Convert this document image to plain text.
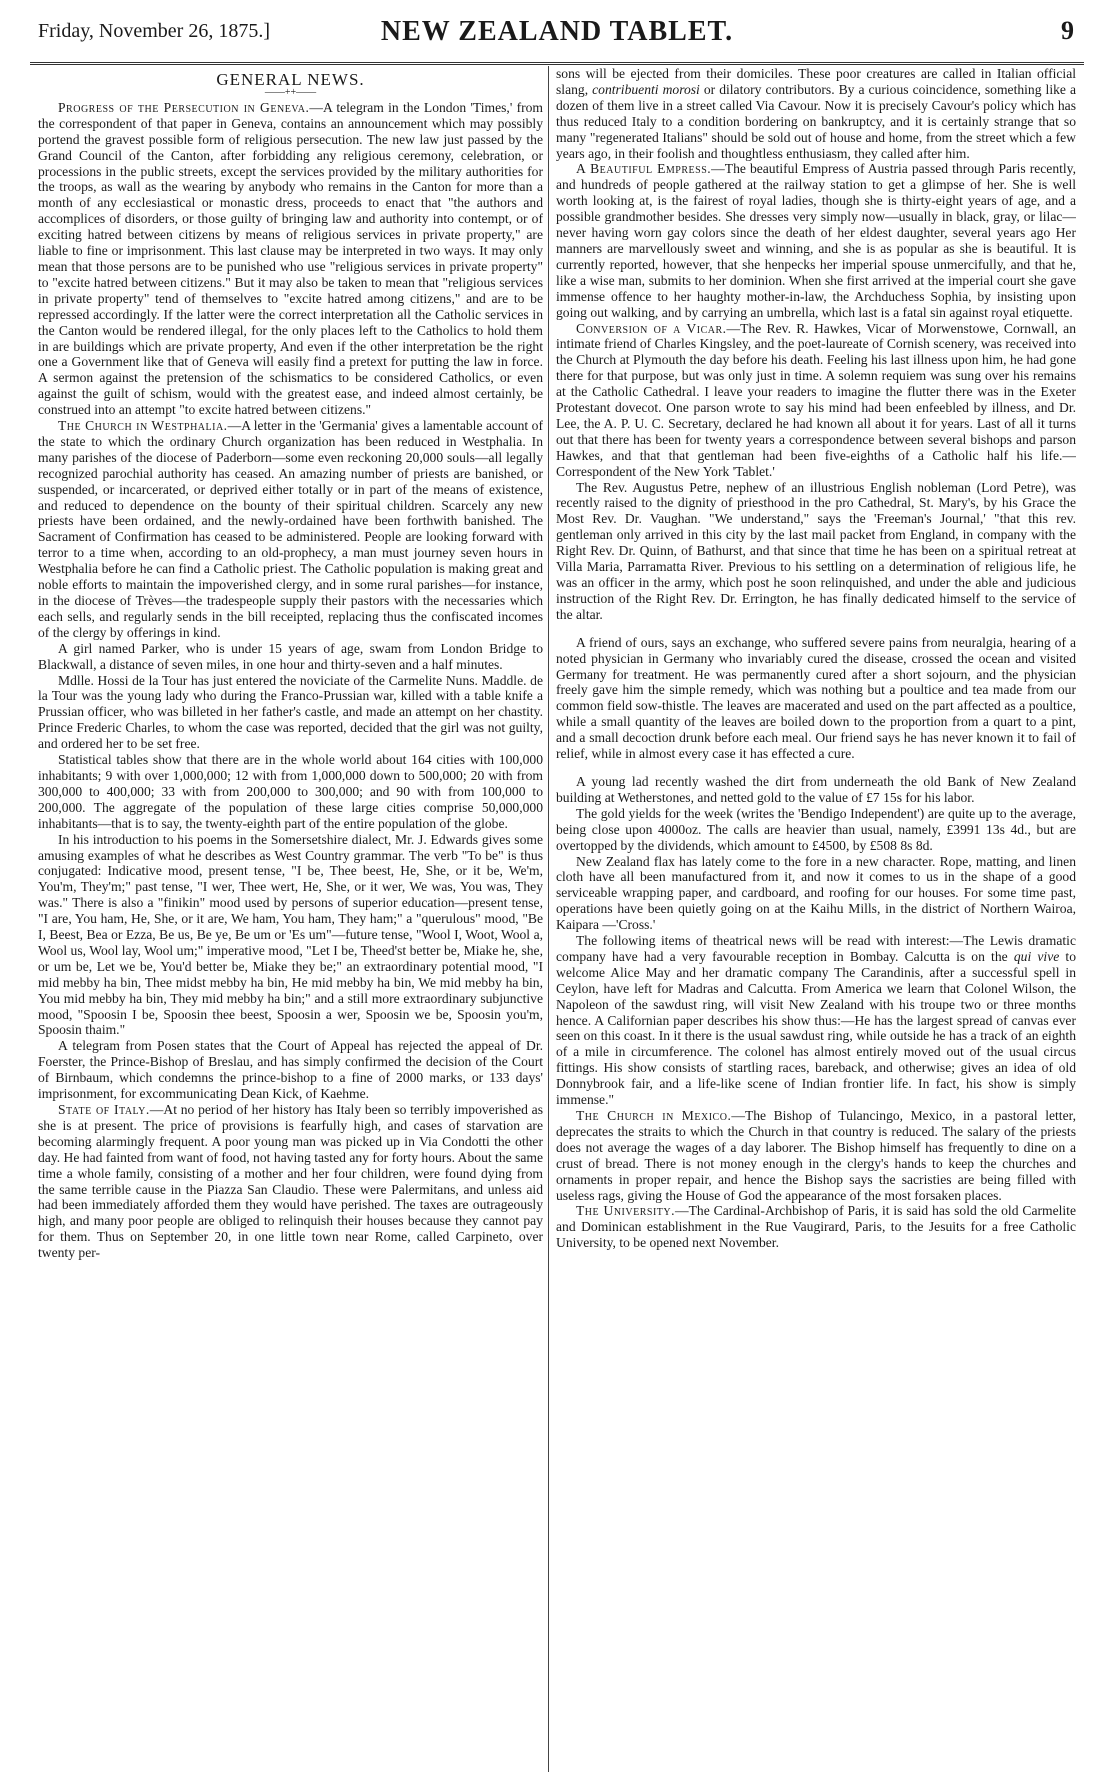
Friday, November 26, 1875.]	NEW ZEALAND TABLET.	9
GENERAL NEWS.
——++——

Progress of the Persecution in Geneva.—A telegram in the London 'Times,' from the correspondent of that paper in Geneva, contains an announcement which may possibly portend the gravest possible form of religious persecution. The new law just passed by the Grand Council of the Canton, after forbidding any religious ceremony, celebration, or processions in the public streets, except the services provided by the military authorities for the troops, as wall as the wearing by anybody who remains in the Canton for more than a month of any ecclesiastical or monastic dress, proceeds to enact that "the authors and accomplices of disorders, or those guilty of bringing law and authority into contempt, or of exciting hatred between citizens by means of religious services in private property," are liable to fine or imprisonment. This last clause may be interpreted in two ways. It may only mean that those persons are to be punished who use "religious services in private property" to "excite hatred between citizens." But it may also be taken to mean that "religious services in private property" tend of themselves to "excite hatred among citizens," and are to be repressed accordingly. If the latter were the correct interpretation all the Catholic services in the Canton would be rendered illegal, for the only places left to the Catholics to hold them in are buildings which are private property, And even if the other interpretation be the right one a Government like that of Geneva will easily find a pretext for putting the law in force. A sermon against the pretension of the schismatics to be considered Catholics, or even against the guilt of schism, would with the greatest ease, and indeed almost certainly, be construed into an attempt "to excite hatred between citizens."

The Church in Westphalia.—A letter in the 'Germania' gives a lamentable account of the state to which the ordinary Church organization has been reduced in Westphalia. In many parishes of the diocese of Paderborn—some even reckoning 20,000 souls—all legally recognized parochial authority has ceased. An amazing number of priests are banished, or suspended, or incarcerated, or deprived either totally or in part of the means of existence, and reduced to dependence on the bounty of their spiritual children. Scarcely any new priests have been ordained, and the newly-ordained have been forthwith banished. The Sacrament of Confirmation has ceased to be administered. People are looking forward with terror to a time when, according to an old-prophecy, a man must journey seven hours in Westphalia before he can find a Catholic priest. The Catholic population is making great and noble efforts to maintain the impoverished clergy, and in some rural parishes—for instance, in the diocese of Trèves—the tradespeople supply their pastors with the necessaries which each sells, and regularly sends in the bill receipted, replacing thus the confiscated incomes of the clergy by offerings in kind.

A girl named Parker, who is under 15 years of age, swam from London Bridge to Blackwall, a distance of seven miles, in one hour and thirty-seven and a half minutes.

Mdlle. Hossi de la Tour has just entered the noviciate of the Carmelite Nuns. Maddle. de la Tour was the young lady who during the Franco-Prussian war, killed with a table knife a Prussian officer, who was billeted in her father's castle, and made an attempt on her chastity. Prince Frederic Charles, to whom the case was reported, decided that the girl was not guilty, and ordered her to be set free.

Statistical tables show that there are in the whole world about 164 cities with 100,000 inhabitants; 9 with over 1,000,000; 12 with from 1,000,000 down to 500,000; 20 with from 300,000 to 400,000; 33 with from 200,000 to 300,000; and 90 with from 100,000 to 200,000. The aggregate of the population of these large cities comprise 50,000,000 inhabitants—that is to say, the twenty-eighth part of the entire population of the globe.

In his introduction to his poems in the Somersetshire dialect, Mr. J. Edwards gives some amusing examples of what he describes as West Country grammar. The verb "To be" is thus conjugated: Indicative mood, present tense, "I be, Thee beest, He, She, or it be, We'm, You'm, They'm;" past tense, "I wer, Thee wert, He, She, or it wer, We was, You was, They was." There is also a "finikin" mood used by persons of superior education—present tense, "I are, You ham, He, She, or it are, We ham, You ham, They ham;" a "querulous" mood, "Be I, Beest, Bea or Ezza, Be us, Be ye, Be um or 'Es um"—future tense, "Wool I, Woot, Wool a, Wool us, Wool lay, Wool um;" imperative mood, "Let I be, Theed'st better be, Miake he, she, or um be, Let we be, You'd better be, Miake they be;" an extraordinary potential mood, "I mid mebby ha bin, Thee midst mebby ha bin, He mid mebby ha bin, We mid mebby ha bin, You mid mebby ha bin, They mid mebby ha bin;" and a still more extraordinary subjunctive mood, "Spoosin I be, Spoosin thee beest, Spoosin a wer, Spoosin we be, Spoosin you'm, Spoosin thaim."

A telegram from Posen states that the Court of Appeal has rejected the appeal of Dr. Foerster, the Prince-Bishop of Breslau, and has simply confirmed the decision of the Court of Birnbaum, which condemns the prince-bishop to a fine of 2000 marks, or 133 days' imprisonment, for excommunicating Dean Kick, of Kaehme.

State of Italy.—At no period of her history has Italy been so terribly impoverished as she is at present. The price of provisions is fearfully high, and cases of starvation are becoming alarmingly frequent. A poor young man was picked up in Via Condotti the other day. He had fainted from want of food, not having tasted any for forty hours. About the same time a whole family, consisting of a mother and her four children, were found dying from the same terrible cause in the Piazza San Claudio. These were Palermitans, and unless aid had been immediately afforded them they would have perished. The taxes are outrageously high, and many poor people are obliged to relinquish their houses because they cannot pay for them. Thus on September 20, in one little town near Rome, called Carpineto, over twenty per-

sons will be ejected from their domiciles. These poor creatures are called in Italian official slang, contribuenti morosi or dilatory contributors. By a curious coincidence, something like a dozen of them live in a street called Via Cavour. Now it is precisely Cavour's policy which has thus reduced Italy to a condition bordering on bankruptcy, and it is certainly strange that so many "regenerated Italians" should be sold out of house and home, from the street which a few years ago, in their foolish and thoughtless enthusiasm, they called after him.

A Beautiful Empress.—The beautiful Empress of Austria passed through Paris recently, and hundreds of people gathered at the railway station to get a glimpse of her. She is well worth looking at, is the fairest of royal ladies, though she is thirty-eight years of age, and a possible grandmother besides. She dresses very simply now—usually in black, gray, or lilac—never having worn gay colors since the death of her eldest daughter, several years ago Her manners are marvellously sweet and winning, and she is as popular as she is beautiful. It is currently reported, however, that she henpecks her imperial spouse unmercifully, and that he, like a wise man, submits to her dominion. When she first arrived at the imperial court she gave immense offence to her haughty mother-in-law, the Archduchess Sophia, by insisting upon going out walking, and by carrying an umbrella, which last is a fatal sin against royal etiquette.

Conversion of a Vicar.—The Rev. R. Hawkes, Vicar of Morwenstowe, Cornwall, an intimate friend of Charles Kingsley, and the poet-laureate of Cornish scenery, was received into the Church at Plymouth the day before his death. Feeling his last illness upon him, he had gone there for that purpose, but was only just in time. A solemn requiem was sung over his remains at the Catholic Cathedral. I leave your readers to imagine the flutter there was in the Exeter Protestant dovecot. One parson wrote to say his mind had been enfeebled by illness, and Dr. Lee, the A. P. U. C. Secretary, declared he had known all about it for years. Last of all it turns out that there has been for twenty years a correspondence between several bishops and parson Hawkes, and that that gentleman had been five-eighths of a Catholic half his life.—Correspondent of the New York 'Tablet.'

The Rev. Augustus Petre, nephew of an illustrious English nobleman (Lord Petre), was recently raised to the dignity of priesthood in the pro Cathedral, St. Mary's, by his Grace the Most Rev. Dr. Vaughan. "We understand," says the 'Freeman's Journal,' "that this rev. gentleman only arrived in this city by the last mail packet from England, in company with the Right Rev. Dr. Quinn, of Bathurst, and that since that time he has been on a spiritual retreat at Villa Maria, Parramatta River. Previous to his settling on a determination of religious life, he was an officer in the army, which post he soon relinquished, and under the able and judicious instruction of the Right Rev. Dr. Errington, he has finally dedicated himself to the service of the altar.

A friend of ours, says an exchange, who suffered severe pains from neuralgia, hearing of a noted physician in Germany who invariably cured the disease, crossed the ocean and visited Germany for treatment. He was permanently cured after a short sojourn, and the physician freely gave him the simple remedy, which was nothing but a poultice and tea made from our common field sow-thistle. The leaves are macerated and used on the part affected as a poultice, while a small quantity of the leaves are boiled down to the proportion from a quart to a pint, and a small decoction drunk before each meal. Our friend says he has never known it to fail of relief, while in almost every case it has effected a cure.

A young lad recently washed the dirt from underneath the old Bank of New Zealand building at Wetherstones, and netted gold to the value of £7 15s for his labor.

The gold yields for the week (writes the 'Bendigo Independent') are quite up to the average, being close upon 4000oz. The calls are heavier than usual, namely, £3991 13s 4d., but are overtopped by the dividends, which amount to £4500, by £508 8s 8d.

New Zealand flax has lately come to the fore in a new character. Rope, matting, and linen cloth have all been manufactured from it, and now it comes to us in the shape of a good serviceable wrapping paper, and cardboard, and roofing for our houses. For some time past, operations have been quietly going on at the Kaihu Mills, in the district of Northern Wairoa, Kaipara —'Cross.'

The following items of theatrical news will be read with interest:—The Lewis dramatic company have had a very favourable reception in Bombay. Calcutta is on the qui vive to welcome Alice May and her dramatic company The Carandinis, after a successful spell in Ceylon, have left for Madras and Calcutta. From America we learn that Colonel Wilson, the Napoleon of the sawdust ring, will visit New Zealand with his troupe two or three months hence. A Californian paper describes his show thus:—He has the largest spread of canvas ever seen on this coast. In it there is the usual sawdust ring, while outside he has a track of an eighth of a mile in circumference. The colonel has almost entirely moved out of the usual circus fittings. His show consists of startling races, bareback, and otherwise; gives an idea of old Donnybrook fair, and a life-like scene of Indian frontier life. In fact, his show is simply immense."

The Church in Mexico.—The Bishop of Tulancingo, Mexico, in a pastoral letter, deprecates the straits to which the Church in that country is reduced. The salary of the priests does not average the wages of a day laborer. The Bishop himself has frequently to dine on a crust of bread. There is not money enough in the clergy's hands to keep the churches and ornaments in proper repair, and hence the Bishop says the sacristies are being filled with useless rags, giving the House of God the appearance of the most forsaken places.

The University.—The Cardinal-Archbishop of Paris, it is said has sold the old Carmelite and Dominican establishment in the Rue Vaugirard, Paris, to the Jesuits for a free Catholic University, to be opened next November.
